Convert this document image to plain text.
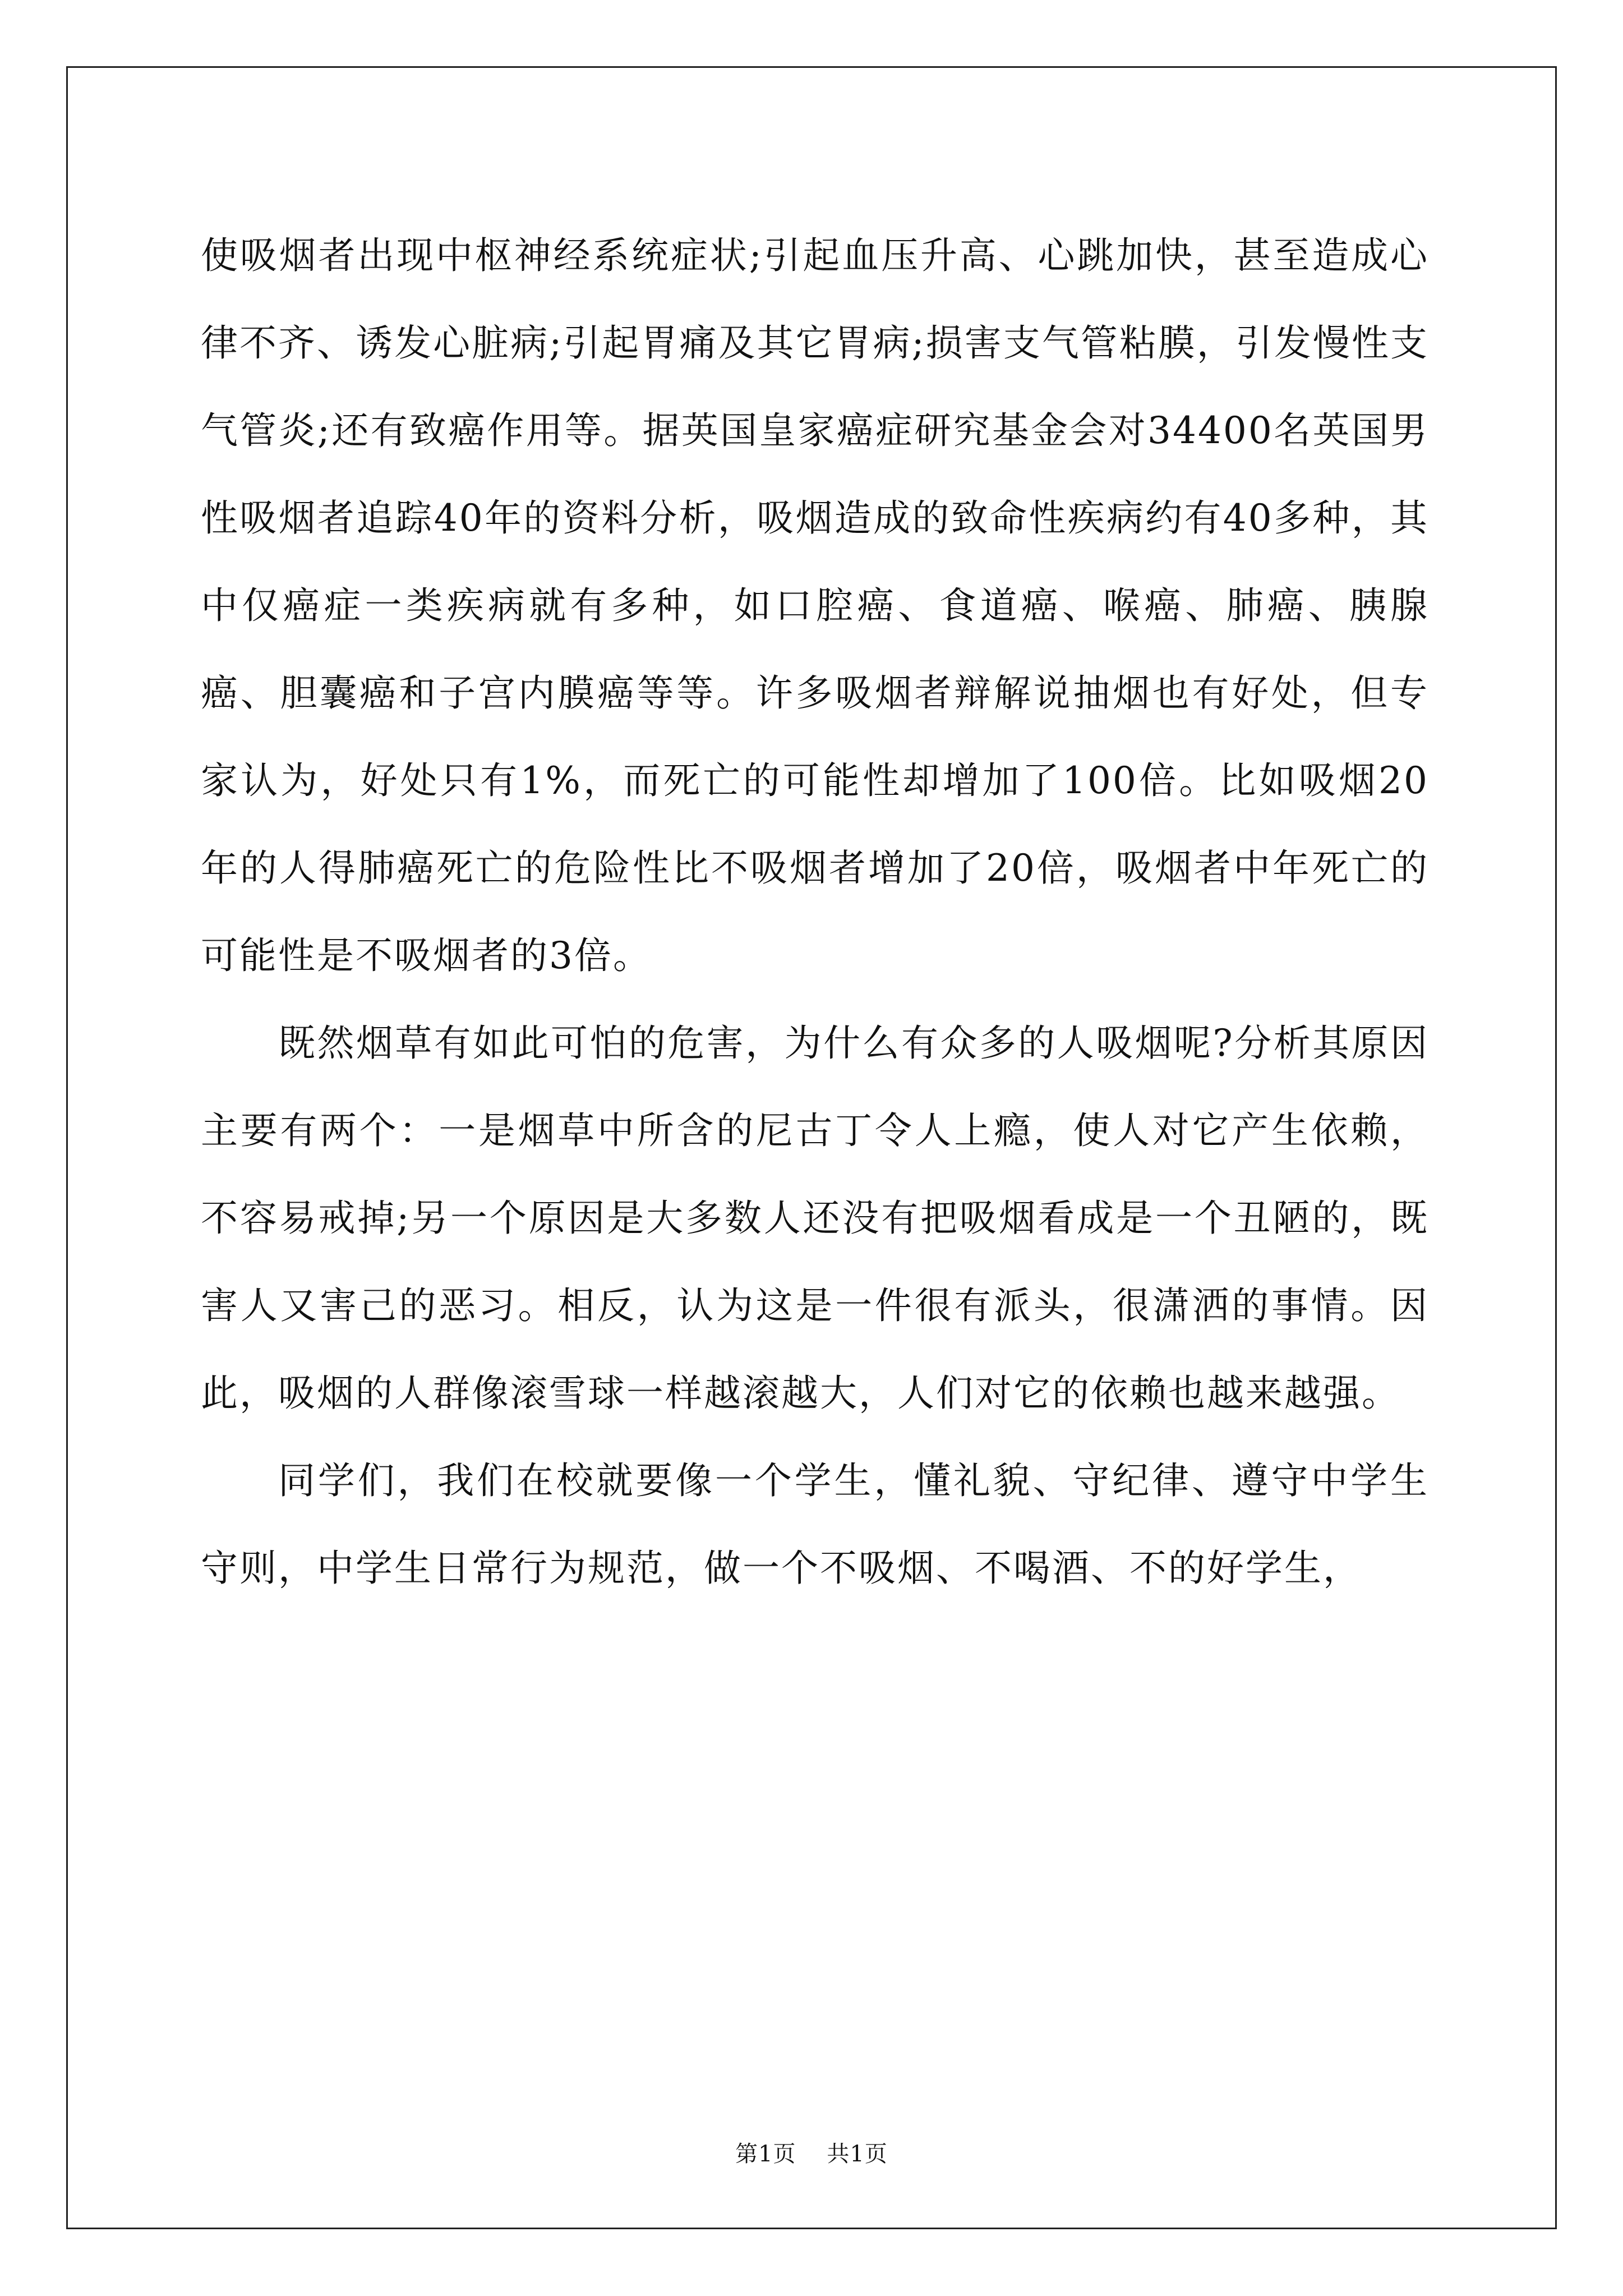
使吸烟者出现中枢神经系统症状;引起血压升高、心跳加快，甚至造成心律不齐、诱发心脏病;引起胃痛及其它胃病;损害支气管粘膜，引发慢性支气管炎;还有致癌作用等。据英国皇家癌症研究基金会对34400名英国男性吸烟者追踪40年的资料分析，吸烟造成的致命性疾病约有40多种，其中仅癌症一类疾病就有多种，如口腔癌、食道癌、喉癌、肺癌、胰腺癌、胆囊癌和子宫内膜癌等等。许多吸烟者辩解说抽烟也有好处，但专家认为，好处只有1%，而死亡的可能性却增加了100倍。比如吸烟20年的人得肺癌死亡的危险性比不吸烟者增加了20倍，吸烟者中年死亡的可能性是不吸烟者的3倍。

既然烟草有如此可怕的危害，为什么有众多的人吸烟呢?分析其原因主要有两个：一是烟草中所含的尼古丁令人上瘾，使人对它产生依赖，不容易戒掉;另一个原因是大多数人还没有把吸烟看成是一个丑陋的，既害人又害己的恶习。相反，认为这是一件很有派头，很潇洒的事情。因此，吸烟的人群像滚雪球一样越滚越大，人们对它的依赖也越来越强。

同学们，我们在校就要像一个学生，懂礼貌、守纪律、遵守中学生守则，中学生日常行为规范，做一个不吸烟、不喝酒、不的好学生，

第1页 共1页
